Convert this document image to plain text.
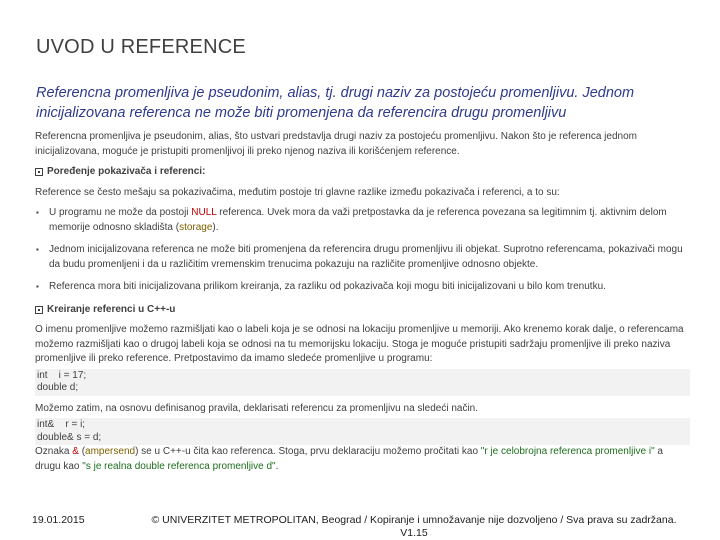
UVOD U REFERENCE
Referencna promenljiva je pseudonim, alias, tj. drugi naziv za postojeću promenljivu. Jednom inicijalizovana referenca ne može biti promenjena da referencira drugu promenljivu

Referencna promenljiva je pseudonim, alias, što ustvari predstavlja drugi naziv za postojeću promenljivu. Nakon što je referenca jednom inicijalizovana, moguće je pristupiti promenljivoj ili preko njenog naziva ili korišćenjem reference.

Poređenje pokazivača i referenci:

Reference se često mešaju sa pokazivačima, međutim postoje tri glavne razlike između pokazivača i referenci, a to su:

▪ U programu ne može da postoji NULL referenca. Uvek mora da važi pretpostavka da je referenca povezana sa legitimnim tj. aktivnim delom memorije odnosno skladišta (storage).
▪ Jednom inicijalizovana referenca ne može biti promenjena da referencira drugu promenljivu ili objekat. Suprotno referencama, pokazivači mogu da budu promenljeni i da u različitim vremenskim trenucima pokazuju na različite promenljive odnosno objekte.
▪ Referenca mora biti inicijalizovana prilikom kreiranja, za razliku od pokazivača koji mogu biti inicijalizovani u bilo kom trenutku.

Kreiranje referenci u C++-u

O imenu promenljive možemo razmišljati kao o labeli koja je se odnosi na lokaciju promenljive u memoriji. Ako krenemo korak dalje, o referencama možemo razmišljati kao o drugoj labeli koja se odnosi na tu memorijsku lokaciju. Stoga je moguće pristupiti sadržaju promenljive ili preko naziva promenljive ili preko reference. Pretpostavimo da imamo sledeće promenljive u programu:

int    i = 17;
double d;

Možemo zatim, na osnovu definisanog pravila, deklarisati referencu za promenljivu na sledeći način.

int&    r = i;
double& s = d;

Oznaka & (ampersend) se u C++-u čita kao referenca. Stoga, prvu deklaraciju možemo pročitati kao "r je celobrojna referenca promenljive i" a drugu kao "s je realna double referenca promenljive d".

19.01.2015	© UNIVERZITET METROPOLITAN, Beograd / Kopiranje i umnožavanje nije dozvoljeno / Sva prava su zadržana.
V1.15
